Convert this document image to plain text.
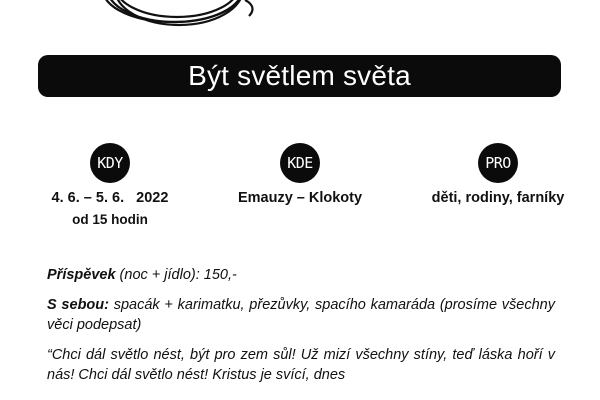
Být světlem světa
KDY
4. 6. – 5. 6.   2022
od 15 hodin
KDE
Emauzy – Klokoty
PRO
děti, rodiny, farníky

Příspěvek (noc + jídlo): 150,-

S sebou: spacák + karimatku, přezůvky, spacího kamaráda (prosíme všechny věci podepsat)

“Chci dál světlo nést, být pro zem sůl! Už mizí všechny stíny, teď láska hoří v nás! Chci dál světlo nést! Kristus je svící, dnes
